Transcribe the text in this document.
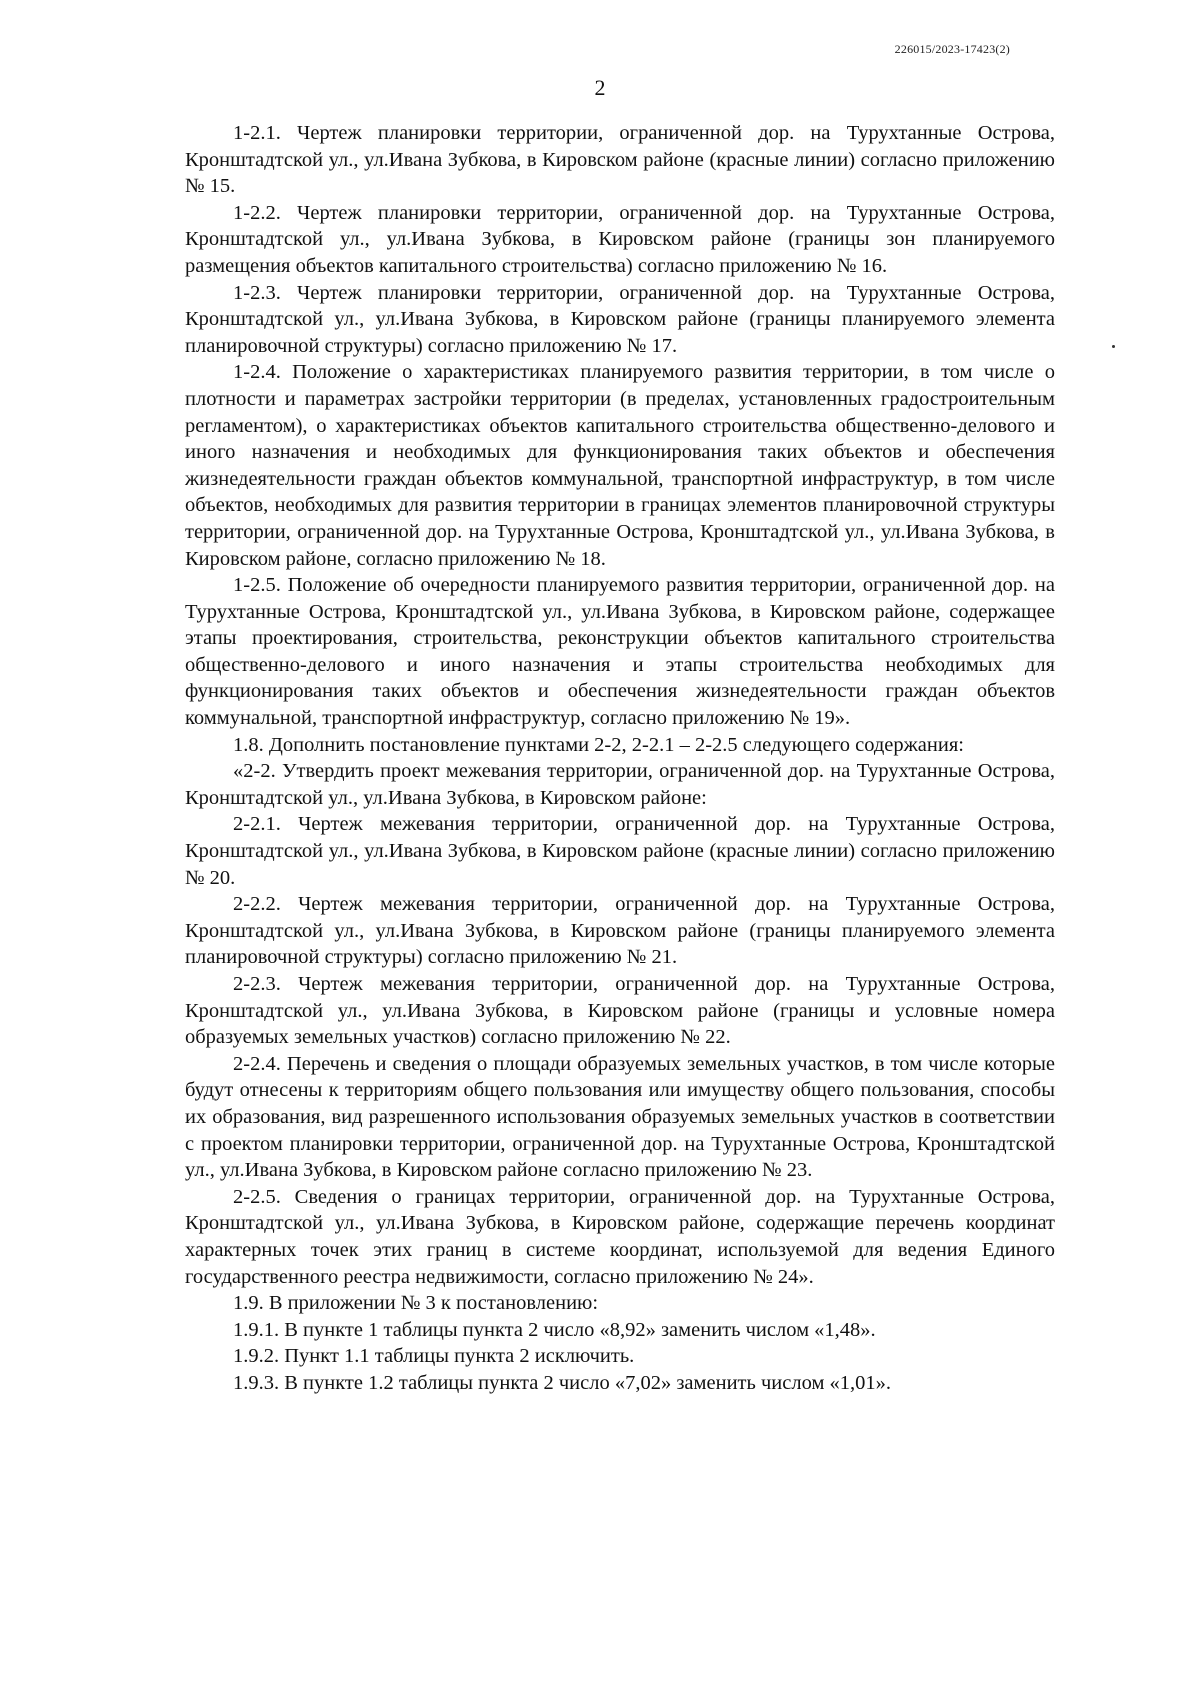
226015/2023-17423(2)
2

1-2.1. Чертеж планировки территории, ограниченной дор. на Турухтанные Острова, Кронштадтской ул., ул.Ивана Зубкова, в Кировском районе (красные линии) согласно приложению № 15.

1-2.2. Чертеж планировки территории, ограниченной дор. на Турухтанные Острова, Кронштадтской ул., ул.Ивана Зубкова, в Кировском районе (границы зон планируемого размещения объектов капитального строительства) согласно приложению № 16.

1-2.3. Чертеж планировки территории, ограниченной дор. на Турухтанные Острова, Кронштадтской ул., ул.Ивана Зубкова, в Кировском районе (границы планируемого элемента планировочной структуры) согласно приложению № 17.

1-2.4. Положение о характеристиках планируемого развития территории, в том числе о плотности и параметрах застройки территории (в пределах, установленных градостроительным регламентом), о характеристиках объектов капитального строительства общественно-делового и иного назначения и необходимых для функционирования таких объектов и обеспечения жизнедеятельности граждан объектов коммунальной, транспортной инфраструктур, в том числе объектов, необходимых для развития территории в границах элементов планировочной структуры территории, ограниченной дор. на Турухтанные Острова, Кронштадтской ул., ул.Ивана Зубкова, в Кировском районе, согласно приложению № 18.

1-2.5. Положение об очередности планируемого развития территории, ограниченной дор. на Турухтанные Острова, Кронштадтской ул., ул.Ивана Зубкова, в Кировском районе, содержащее этапы проектирования, строительства, реконструкции объектов капитального строительства общественно-делового и иного назначения и этапы строительства необходимых для функционирования таких объектов и обеспечения жизнедеятельности граждан объектов коммунальной, транспортной инфраструктур, согласно приложению № 19».

1.8. Дополнить постановление пунктами 2-2, 2-2.1 – 2-2.5 следующего содержания:

«2-2. Утвердить проект межевания территории, ограниченной дор. на Турухтанные Острова, Кронштадтской ул., ул.Ивана Зубкова, в Кировском районе:

2-2.1. Чертеж межевания территории, ограниченной дор. на Турухтанные Острова, Кронштадтской ул., ул.Ивана Зубкова, в Кировском районе (красные линии) согласно приложению № 20.

2-2.2. Чертеж межевания территории, ограниченной дор. на Турухтанные Острова, Кронштадтской ул., ул.Ивана Зубкова, в Кировском районе (границы планируемого элемента планировочной структуры) согласно приложению № 21.

2-2.3. Чертеж межевания территории, ограниченной дор. на Турухтанные Острова, Кронштадтской ул., ул.Ивана Зубкова, в Кировском районе (границы и условные номера образуемых земельных участков) согласно приложению № 22.

2-2.4. Перечень и сведения о площади образуемых земельных участков, в том числе которые будут отнесены к территориям общего пользования или имуществу общего пользования, способы их образования, вид разрешенного использования образуемых земельных участков в соответствии с проектом планировки территории, ограниченной дор. на Турухтанные Острова, Кронштадтской ул., ул.Ивана Зубкова, в Кировском районе согласно приложению № 23.

2-2.5. Сведения о границах территории, ограниченной дор. на Турухтанные Острова, Кронштадтской ул., ул.Ивана Зубкова, в Кировском районе, содержащие перечень координат характерных точек этих границ в системе координат, используемой для ведения Единого государственного реестра недвижимости, согласно приложению № 24».

1.9. В приложении № 3 к постановлению:

1.9.1. В пункте 1 таблицы пункта 2 число «8,92» заменить числом «1,48».

1.9.2. Пункт 1.1 таблицы пункта 2 исключить.

1.9.3. В пункте 1.2 таблицы пункта 2 число «7,02» заменить числом «1,01».
